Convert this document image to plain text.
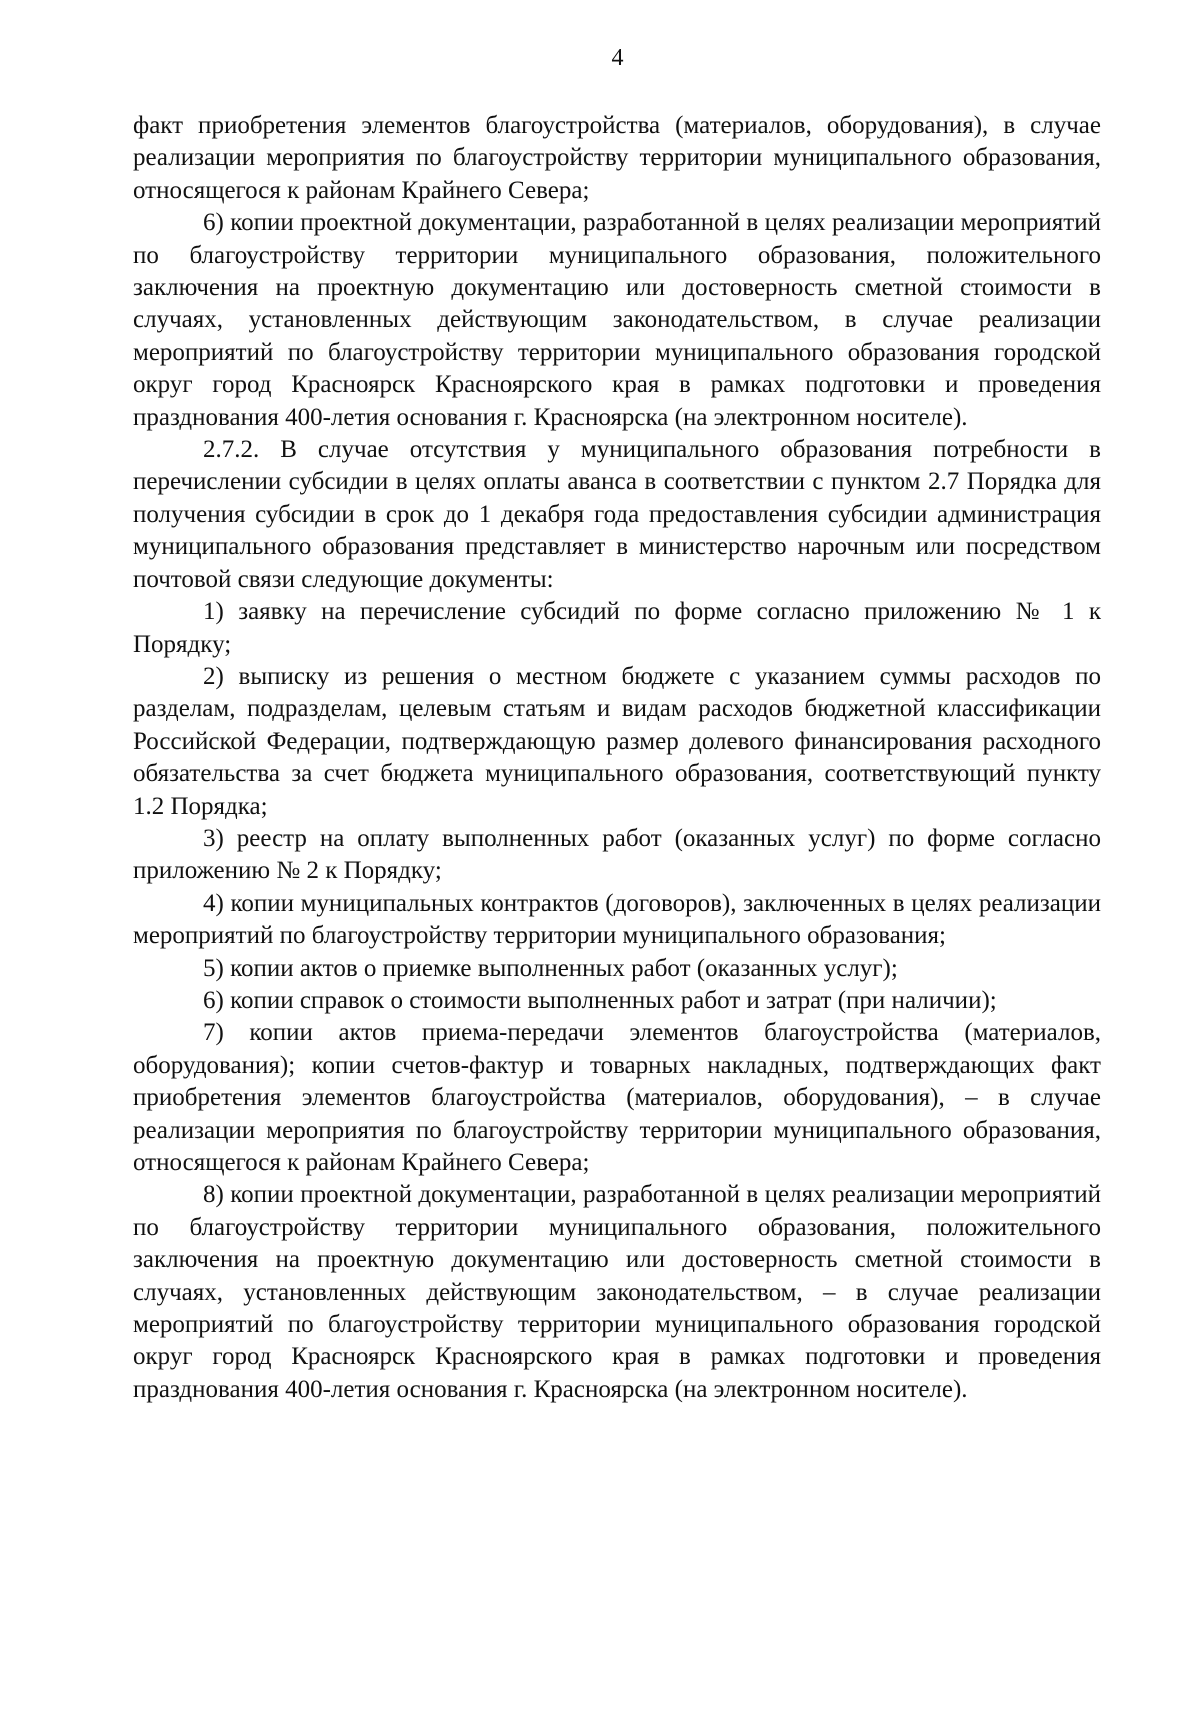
4

факт приобретения элементов благоустройства (материалов, оборудования), в случае реализации мероприятия по благоустройству территории муниципального образования, относящегося к районам Крайнего Севера;

6) копии проектной документации, разработанной в целях реализации мероприятий по благоустройству территории муниципального образования, положительного заключения на проектную документацию или достоверность сметной стоимости в случаях, установленных действующим законодательством, в случае реализации мероприятий по благоустройству территории муниципального образования городской округ город Красноярск Красноярского края в рамках подготовки и проведения празднования 400-летия основания г. Красноярска (на электронном носителе).

2.7.2. В случае отсутствия у муниципального образования потребности в перечислении субсидии в целях оплаты аванса в соответствии с пунктом 2.7 Порядка для получения субсидии в срок до 1 декабря года предоставления субсидии администрация муниципального образования представляет в министерство нарочным или посредством почтовой связи следующие документы:

1) заявку на перечисление субсидий по форме согласно приложению № 1 к Порядку;

2) выписку из решения о местном бюджете с указанием суммы расходов по разделам, подразделам, целевым статьям и видам расходов бюджетной классификации Российской Федерации, подтверждающую размер долевого финансирования расходного обязательства за счет бюджета муниципального образования, соответствующий пункту 1.2 Порядка;

3) реестр на оплату выполненных работ (оказанных услуг) по форме согласно приложению № 2 к Порядку;

4) копии муниципальных контрактов (договоров), заключенных в целях реализации мероприятий по благоустройству территории муниципального образования;

5) копии актов о приемке выполненных работ (оказанных услуг);

6) копии справок о стоимости выполненных работ и затрат (при наличии);

7) копии актов приема-передачи элементов благоустройства (материалов, оборудования); копии счетов-фактур и товарных накладных, подтверждающих факт приобретения элементов благоустройства (материалов, оборудования), – в случае реализации мероприятия по благоустройству территории муниципального образования, относящегося к районам Крайнего Севера;

8) копии проектной документации, разработанной в целях реализации мероприятий по благоустройству территории муниципального образования, положительного заключения на проектную документацию или достоверность сметной стоимости в случаях, установленных действующим законодательством, – в случае реализации мероприятий по благоустройству территории муниципального образования городской округ город Красноярск Красноярского края в рамках подготовки и проведения празднования 400-летия основания г. Красноярска (на электронном носителе).
